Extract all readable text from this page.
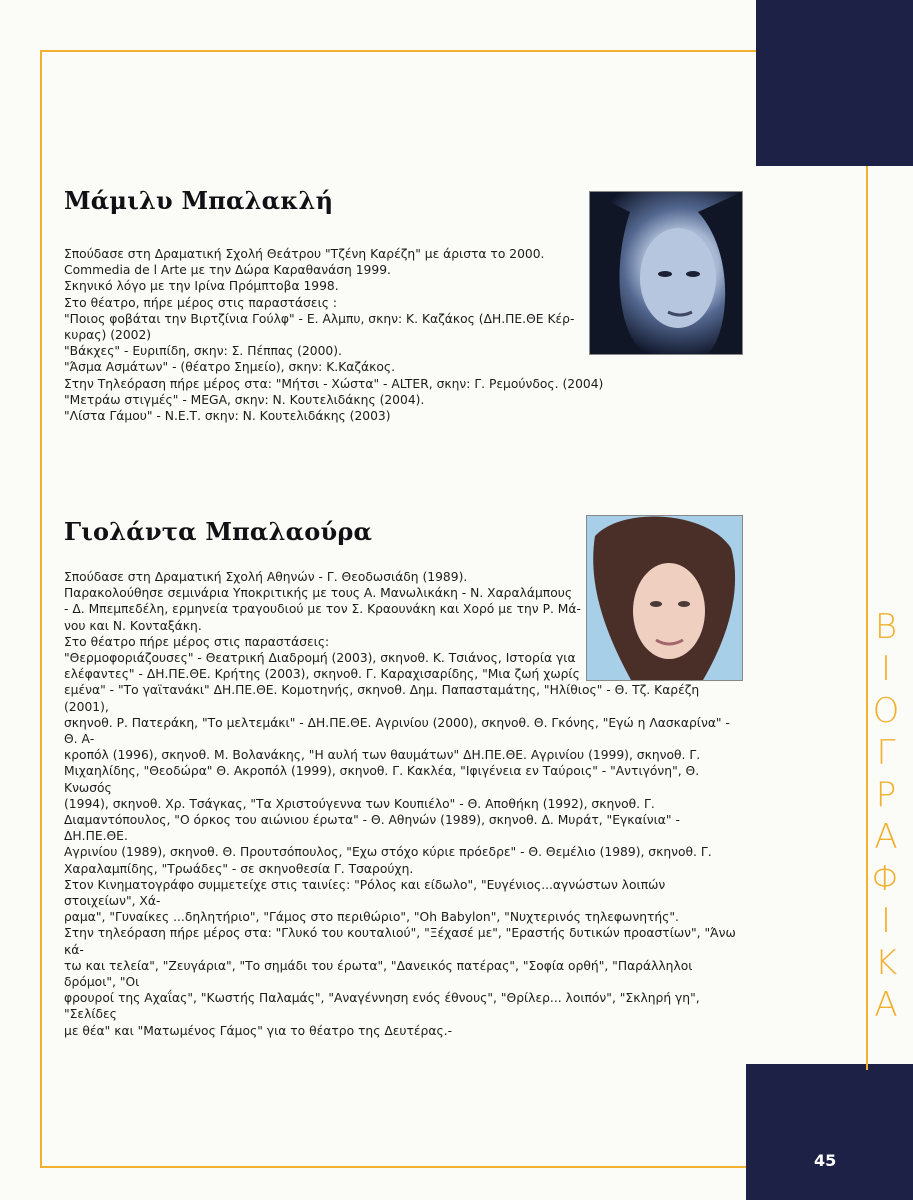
Β
Ι
Ο
Γ
Ρ
Α
Φ
Ι
Κ
Α
45
Μάμιλυ Μπαλακλή
Σπούδασε στη Δραματική Σχολή Θεάτρου "Τζένη Καρέζη" με άριστα το 2000.
Commedia de l Arte με την Δώρα Καραθανάση 1999.
Σκηνικό λόγο με την Ιρίνα Πρόμπτοβα 1998.
Στο θέατρο, πήρε μέρος στις παραστάσεις :
"Ποιος φοβάται την Βιρτζίνια Γούλφ" - Ε. Αλμπυ, σκην: Κ. Καζάκος (ΔΗ.ΠΕ.ΘΕ Κέρ-
κυρας) (2002)
"Βάκχες" - Ευριπίδη, σκην: Σ. Πέππας (2000).
"Άσμα Ασμάτων" - (θέατρο Σημείο), σκην: Κ.Καζάκος.
Στην Τηλεόραση πήρε μέρος στα: "Μήτσι - Χώστα" - ALTER, σκην: Γ. Ρεμούνδος. (2004)
"Μετράω στιγμές" - MEGA, σκην: Ν. Κουτελιδάκης (2004).
"Λίστα Γάμου" - Ν.Ε.Τ. σκην: Ν. Κουτελιδάκης (2003)
Γιολάντα Μπαλαούρα
Σπούδασε στη Δραματική Σχολή Αθηνών - Γ. Θεοδωσιάδη (1989).
Παρακολούθησε σεμινάρια Υποκριτικής με τους Α. Μανωλικάκη - Ν. Χαραλάμπους
- Δ. Μπεμπεδέλη, ερμηνεία τραγουδιού με τον Σ. Κραουνάκη και Χορό με την Ρ. Μά-
νου και Ν. Κονταξάκη.
Στο θέατρο πήρε μέρος στις παραστάσεις:
"Θερμοφοριάζουσες" - Θεατρική Διαδρομή (2003), σκηνοθ. Κ. Τσιάνος, Ιστορία για
ελέφαντες" - ΔΗ.ΠΕ.ΘΕ. Κρήτης (2003), σκηνοθ. Γ. Καραχισαρίδης, "Μια ζωή χωρίς
εμένα" - "Το γαϊτανάκι" ΔΗ.ΠΕ.ΘΕ. Κομοτηνής, σκηνοθ. Δημ. Παπασταμάτης, "Ηλίθιος" - Θ. Τζ. Καρέζη (2001),
σκηνοθ. Ρ. Πατεράκη, "Το μελτεμάκι" - ΔΗ.ΠΕ.ΘΕ. Αγρινίου (2000), σκηνοθ. Θ. Γκόνης, "Εγώ η Λασκαρίνα" - Θ. Α-
κροπόλ (1996), σκηνοθ. Μ. Βολανάκης, "Η αυλή των θαυμάτων" ΔΗ.ΠΕ.ΘΕ. Αγρινίου (1999), σκηνοθ. Γ.
Μιχαηλίδης, "Θεοδώρα" Θ. Ακροπόλ (1999), σκηνοθ. Γ. Κακλέα, "Ιφιγένεια εν Ταύροις" - "Αντιγόνη", Θ. Κνωσός
(1994), σκηνοθ. Χρ. Τσάγκας, "Τα Χριστούγεννα των Κουπιέλο" - Θ. Αποθήκη (1992), σκηνοθ. Γ.
Διαμαντόπουλος, "Ο όρκος του αιώνιου έρωτα" - Θ. Αθηνών (1989), σκηνοθ. Δ. Μυράτ, "Εγκαίνια" - ΔΗ.ΠΕ.ΘΕ.
Αγρινίου (1989), σκηνοθ. Θ. Προυτσόπουλος, "Εχω στόχο κύριε πρόεδρε" - Θ. Θεμέλιο (1989), σκηνοθ. Γ.
Χαραλαμπίδης, "Τρωάδες" - σε σκηνοθεσία Γ. Τσαρούχη.
Στον Κινηματογράφο συμμετείχε στις ταινίες: "Ρόλος και είδωλο", "Ευγένιος...αγνώστων λοιπών στοιχείων", Χά-
ραμα", "Γυναίκες ...δηλητήριο", "Γάμος στο περιθώριο", "Oh Babylon", "Νυχτερινός τηλεφωνητής".
Στην τηλεόραση πήρε μέρος στα: "Γλυκό του κουταλιού", "Ξέχασέ με", "Εραστής δυτικών προαστίων", "Άνω κά-
τω και τελεία", "Ζευγάρια", "Το σημάδι του έρωτα", "Δανεικός πατέρας", "Σοφία ορθή", "Παράλληλοι δρόμοι", "Οι
φρουροί της Αχαΐας", "Κωστής Παλαμάς", "Αναγέννηση ενός έθνους", "Θρίλερ... λοιπόν", "Σκληρή γη", "Σελίδες
με θέα" και "Ματωμένος Γάμος" για το θέατρο της Δευτέρας.-
